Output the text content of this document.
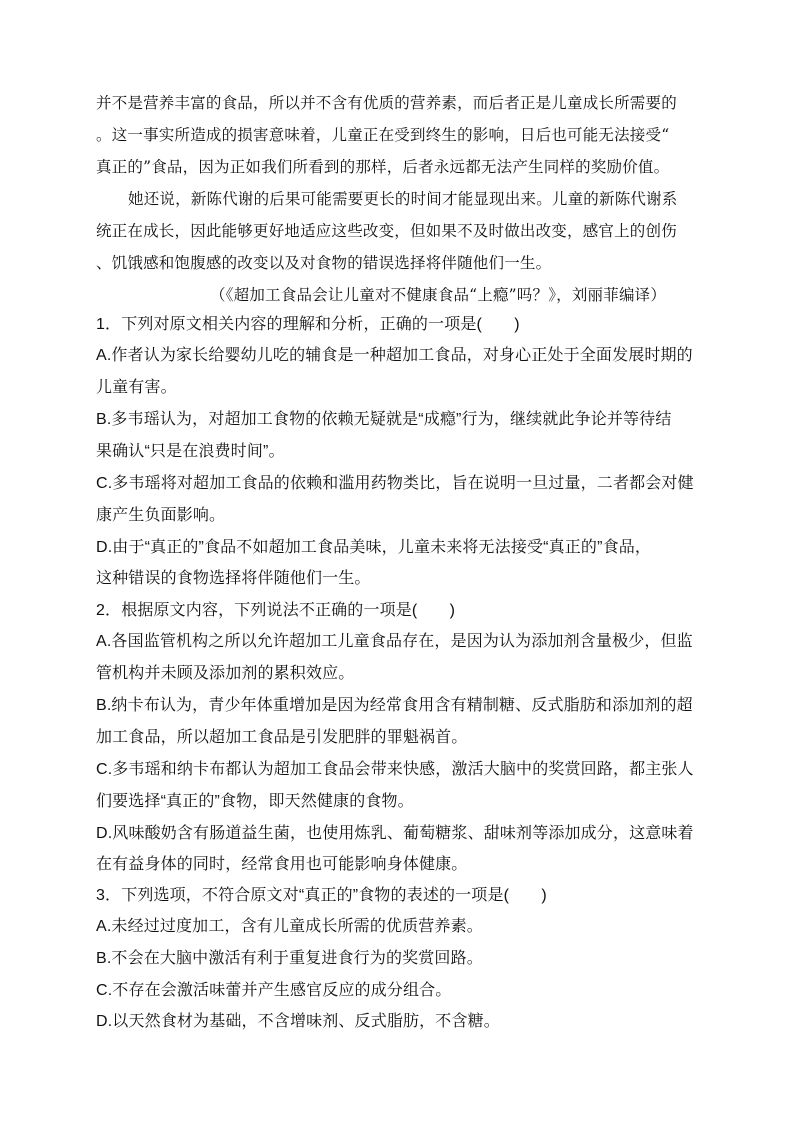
并不是营养丰富的食品，所以并不含有优质的营养素，而后者正是儿童成长所需要的
。这一事实所造成的损害意味着，儿童正在受到终生的影响，日后也可能无法接受“
真正的”食品，因为正如我们所看到的那样，后者永远都无法产生同样的奖励价值。
她还说，新陈代谢的后果可能需要更长的时间才能显现出来。儿童的新陈代谢系
统正在成长，因此能够更好地适应这些改变，但如果不及时做出改变，感官上的创伤
、饥饿感和饱腹感的改变以及对食物的错误选择将伴随他们一生。
（《超加工食品会让儿童对不健康食品“上瘾”吗？》，刘丽菲编译）
1．下列对原文相关内容的理解和分析，正确的一项是(　　)
A.作者认为家长给婴幼儿吃的辅食是一种超加工食品，对身心正处于全面发展时期的
儿童有害。
B.多韦瑶认为，对超加工食物的依赖无疑就是“成瘾”行为，继续就此争论并等待结
果确认“只是在浪费时间”。
C.多韦瑶将对超加工食品的依赖和滥用药物类比，旨在说明一旦过量，二者都会对健
康产生负面影响。
D.由于“真正的”食品不如超加工食品美味，儿童未来将无法接受“真正的”食品，
这种错误的食物选择将伴随他们一生。
2．根据原文内容，下列说法不正确的一项是(　　)
A.各国监管机构之所以允许超加工儿童食品存在，是因为认为添加剂含量极少，但监
管机构并未顾及添加剂的累积效应。
B.纳卡布认为，青少年体重增加是因为经常食用含有精制糖、反式脂肪和添加剂的超
加工食品，所以超加工食品是引发肥胖的罪魁祸首。
C.多韦瑶和纳卡布都认为超加工食品会带来快感，激活大脑中的奖赏回路，都主张人
们要选择“真正的”食物，即天然健康的食物。
D.风味酸奶含有肠道益生菌，也使用炼乳、葡萄糖浆、甜味剂等添加成分，这意味着
在有益身体的同时，经常食用也可能影响身体健康。
3．下列选项，不符合原文对“真正的”食物的表述的一项是(　　)
A.未经过过度加工，含有儿童成长所需的优质营养素。
B.不会在大脑中激活有利于重复进食行为的奖赏回路。
C.不存在会激活味蕾并产生感官反应的成分组合。
D.以天然食材为基础，不含增味剂、反式脂肪，不含糖。
